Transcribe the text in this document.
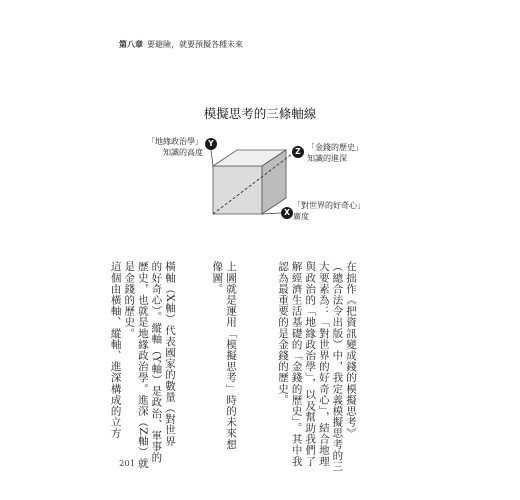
第八章 要避險，就要預擬各種未來
模擬思考的三條軸線
Y
Z
X
「地緣政治學」
知識的高度
「金錢的歷史」
知識的進深
「對世界的好奇心」
廣度
在拙作《把資訊變成錢的模擬思考》
（總合法令出版）中，我定義模擬思考的三
大要素為：「對世界的好奇心」，結合地理
與政治的「地緣政治學」，以及幫助我們了
解經濟生活基礎的「金錢的歷史」。其中我
認為最重要的是金錢的歷史。
上圖就是運用「模擬思考」時的未來想
像圖。
橫軸（X軸）代表國家的數量（對世界
的好奇心）。縱軸（Y軸）是政治、軍事的
歷史，也就是地緣政治學。進深（Z軸）就
是金錢的歷史。
這個由橫軸、縱軸、進深構成的立方
201
